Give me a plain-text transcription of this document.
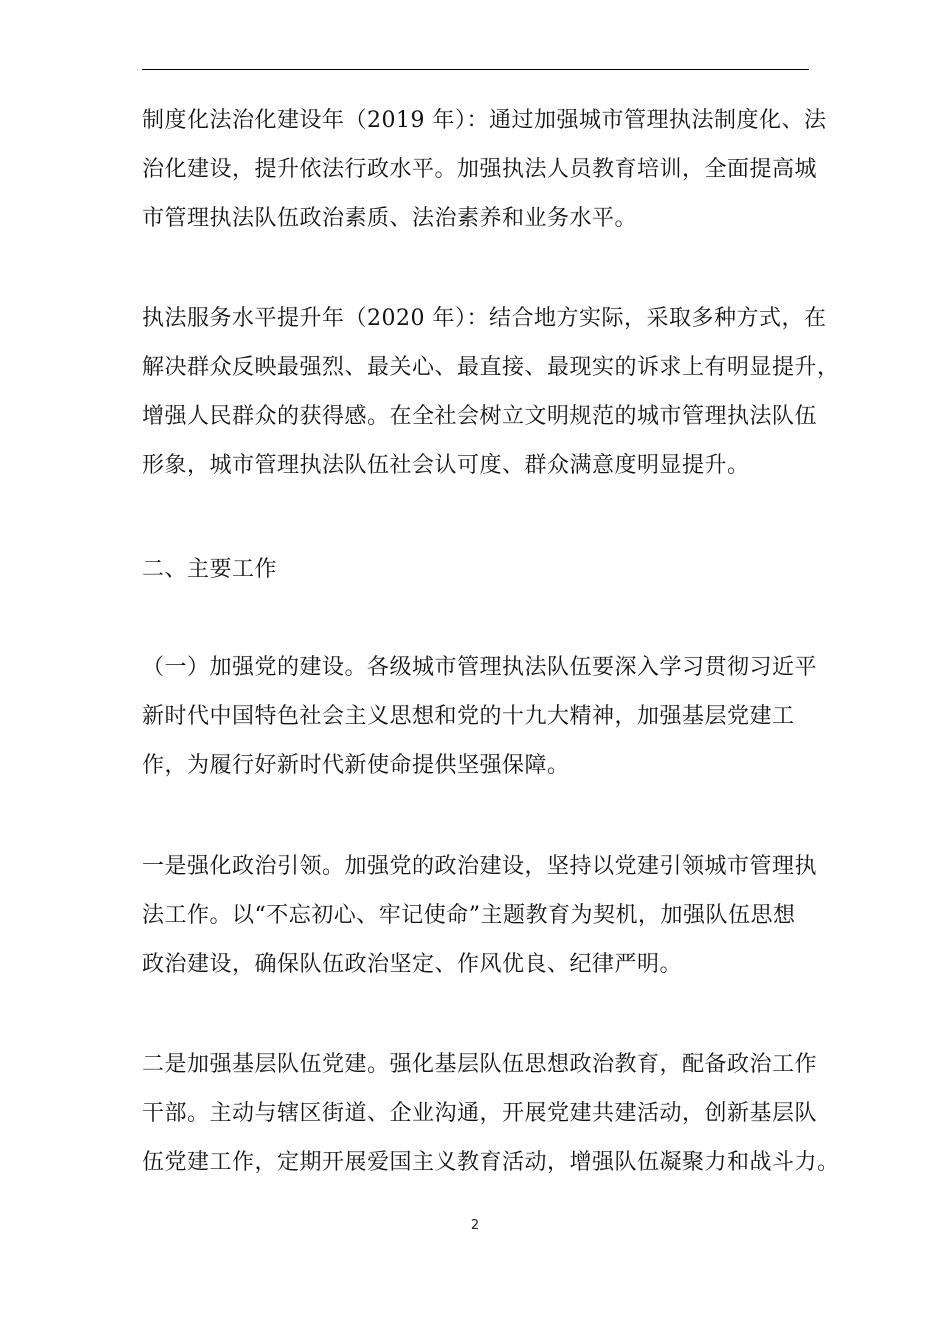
制度化法治化建设年（2019 年）：通过加强城市管理执法制度化、法
治化建设，提升依法行政水平。加强执法人员教育培训，全面提高城
市管理执法队伍政治素质、法治素养和业务水平。

执法服务水平提升年（2020 年）：结合地方实际，采取多种方式，在
解决群众反映最强烈、最关心、最直接、最现实的诉求上有明显提升，
增强人民群众的获得感。在全社会树立文明规范的城市管理执法队伍
形象，城市管理执法队伍社会认可度、群众满意度明显提升。

二、主要工作

（一）加强党的建设。各级城市管理执法队伍要深入学习贯彻习近平
新时代中国特色社会主义思想和党的十九大精神，加强基层党建工
作，为履行好新时代新使命提供坚强保障。

一是强化政治引领。加强党的政治建设，坚持以党建引领城市管理执
法工作。以“不忘初心、牢记使命”主题教育为契机，加强队伍思想
政治建设，确保队伍政治坚定、作风优良、纪律严明。

二是加强基层队伍党建。强化基层队伍思想政治教育，配备政治工作
干部。主动与辖区街道、企业沟通，开展党建共建活动，创新基层队
伍党建工作，定期开展爱国主义教育活动，增强队伍凝聚力和战斗力。

2
